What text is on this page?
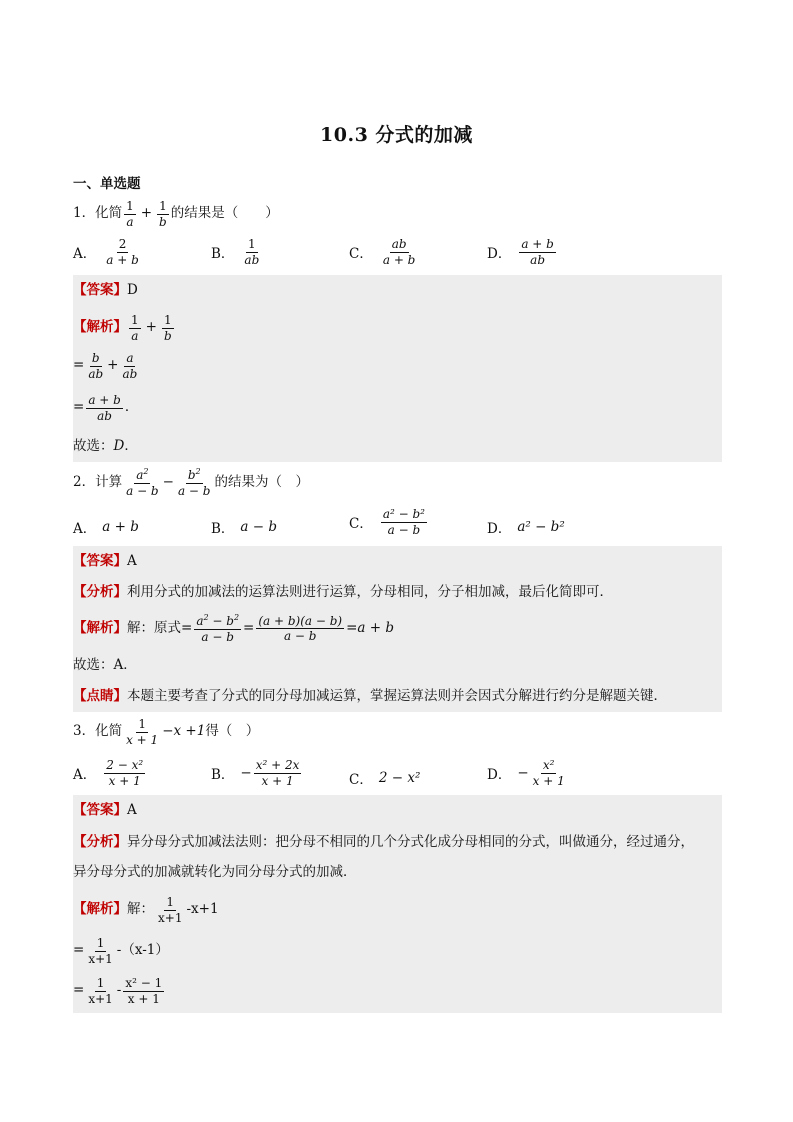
10.3 分式的加减
一、单选题
1．化简 $\frac{1}{a} + \frac{1}{b}$ 的结果是（　　）
A． $\frac{2}{a + b}$	B． $\frac{1}{ab}$	C． $\frac{ab}{a + b}$	D． $\frac{a + b}{ab}$
【答案】 D
【解析】 $\frac{1}{a} + \frac{1}{b}$
= $\frac{b}{ab} + \frac{a}{ab}$
= $\frac{a + b}{ab}$ ．
故选： D ．
2．计算 $\frac{a^2}{a - b} - \frac{b^2}{a - b}$ 的结果为（　）
A． a + b	B． a − b	C． $\frac{\text{a² − b²}}{a - b}$	D． a² − b²
【答案】 A
【分析】 利用分式的加减法的运算法则进行运算，分母相同，分子相加减，最后化简即可．
【解析】 解：原式 = $\frac{a^2 - b^2}{a - b} = \frac{(a + b)(a - b)}{a - b} = a + b$
故选：A．
【点睛】 本题主要考查了分式的同分母加减运算，掌握运算法则并会因式分解进行约分是解题关键．
3．化简 $\frac{1}{x + 1} -x +1$ 得（　）
A． $\frac{\text{2 − x²}}{x + 1}$	B． − $\frac{\text{x² + 2x}}{x + 1}$	C． 2 − x²	D． − $\frac{\text{x²}}{x + 1}$
【答案】 A
【分析】 异分母分式加减法法则：把分母不相同的几个分式化成分母相同的分式，叫做通分，经过通分，
异分母分式的加减就转化为同分母分式的加减．
【解析】 解： $\frac{1}{x+1} -x+1$
= $\frac{1}{x+1} -(x-1)$
= $\frac{1}{x+1} - \frac{\text{x² − 1}}{x + 1}$
